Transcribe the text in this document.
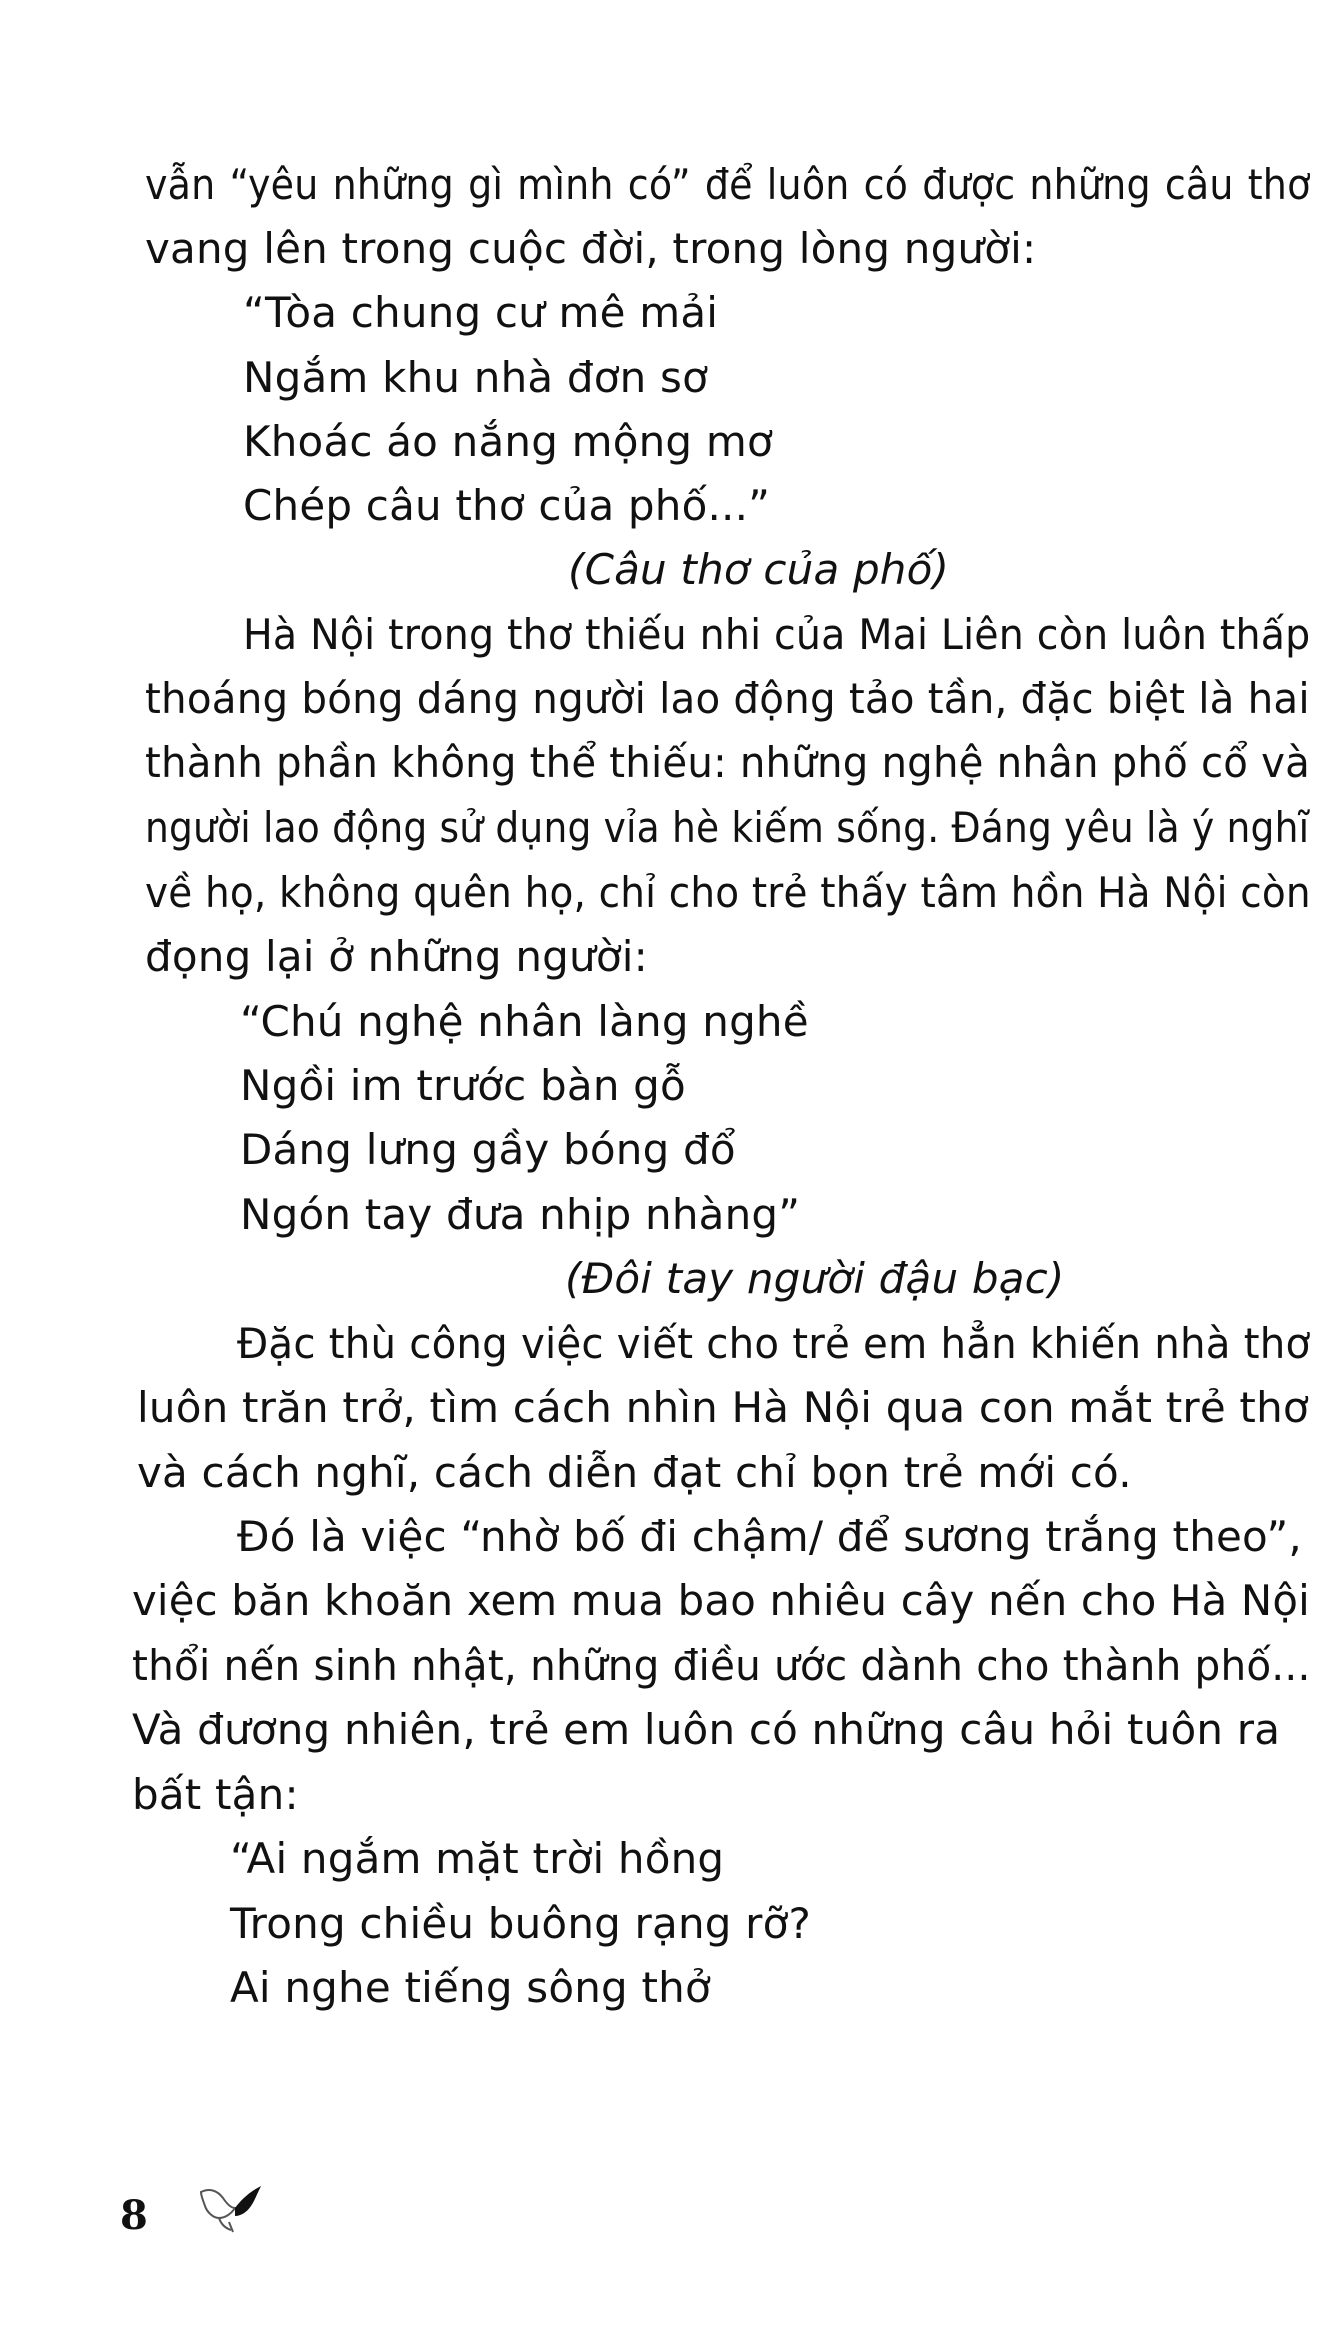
vẫn “yêu những gì mình có” để luôn có được những câu thơ
vang lên trong cuộc đời, trong lòng người:
“Tòa chung cư mê mải
Ngắm khu nhà đơn sơ
Khoác áo nắng mộng mơ
Chép câu thơ của phố...”
(Câu thơ của phố)
Hà Nội trong thơ thiếu nhi của Mai Liên còn luôn thấp
thoáng bóng dáng người lao động tảo tần, đặc biệt là hai
thành phần không thể thiếu: những nghệ nhân phố cổ và
người lao động sử dụng vỉa hè kiếm sống. Đáng yêu là ý nghĩ
về họ, không quên họ, chỉ cho trẻ thấy tâm hồn Hà Nội còn
đọng lại ở những người:
“Chú nghệ nhân làng nghề
Ngồi im trước bàn gỗ
Dáng lưng gầy bóng đổ
Ngón tay đưa nhịp nhàng”
(Đôi tay người đậu bạc)
Đặc thù công việc viết cho trẻ em hẳn khiến nhà thơ
luôn trăn trở, tìm cách nhìn Hà Nội qua con mắt trẻ thơ
và cách nghĩ, cách diễn đạt chỉ bọn trẻ mới có.
Đó là việc “nhờ bố đi chậm/ để sương trắng theo”,
việc băn khoăn xem mua bao nhiêu cây nến cho Hà Nội
thổi nến sinh nhật, những điều ước dành cho thành phố...
Và đương nhiên, trẻ em luôn có những câu hỏi tuôn ra
bất tận:
“Ai ngắm mặt trời hồng
Trong chiều buông rạng rỡ?
Ai nghe tiếng sông thở
8
